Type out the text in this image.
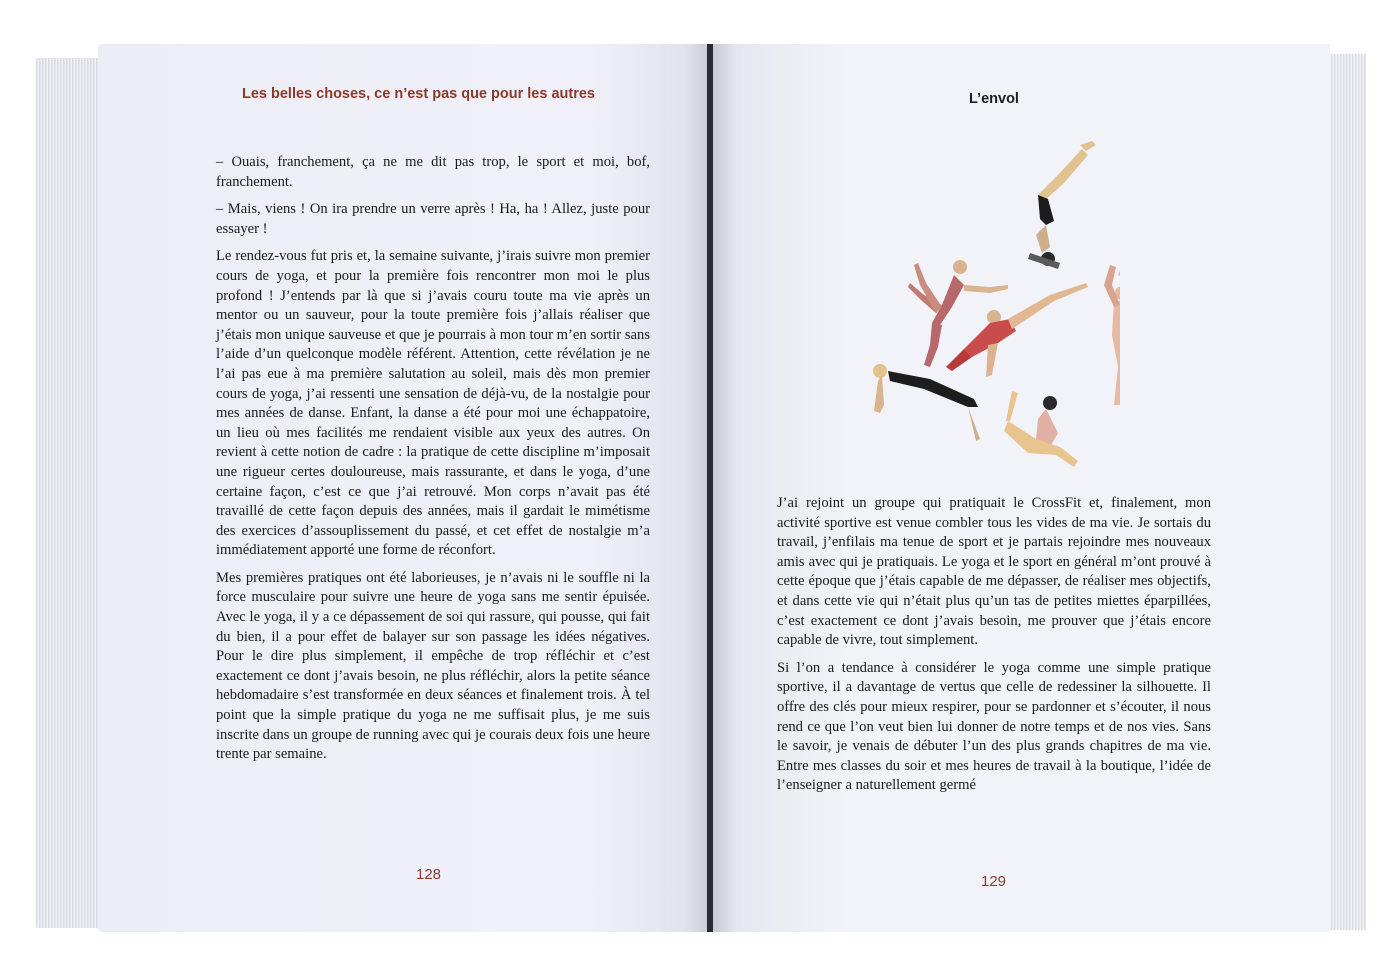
Les belles choses, ce n’est pas que pour les autres

– Ouais, franchement, ça ne me dit pas trop, le sport et moi, bof, franchement.

– Mais, viens ! On ira prendre un verre après ! Ha, ha ! Allez, juste pour essayer !

Le rendez-vous fut pris et, la semaine suivante, j’irais suivre mon premier cours de yoga, et pour la première fois rencontrer mon moi le plus profond ! J’entends par là que si j’avais couru toute ma vie après un mentor ou un sauveur, pour la toute première fois j’allais réaliser que j’étais mon unique sauveuse et que je pourrais à mon tour m’en sortir sans l’aide d’un quelconque modèle référent. Attention, cette révélation je ne l’ai pas eue à ma première salutation au soleil, mais dès mon premier cours de yoga, j’ai ressenti une sensation de déjà-vu, de la nostalgie pour mes années de danse. Enfant, la danse a été pour moi une échappatoire, un lieu où mes facilités me rendaient visible aux yeux des autres. On revient à cette notion de cadre : la pratique de cette discipline m’imposait une rigueur certes douloureuse, mais rassurante, et dans le yoga, d’une certaine façon, c’est ce que j’ai retrouvé. Mon corps n’avait pas été travaillé de cette façon depuis des années, mais il gardait le mimétisme des exercices d’assouplissement du passé, et cet effet de nostalgie m’a immédiatement apporté une forme de réconfort.

Mes premières pratiques ont été laborieuses, je n’avais ni le souffle ni la force musculaire pour suivre une heure de yoga sans me sentir épuisée. Avec le yoga, il y a ce dépassement de soi qui rassure, qui pousse, qui fait du bien, il a pour effet de balayer sur son passage les idées négatives. Pour le dire plus simplement, il empêche de trop réfléchir et c’est exactement ce dont j’avais besoin, ne plus réfléchir, alors la petite séance hebdomadaire s’est transformée en deux séances et finalement trois. À tel point que la simple pratique du yoga ne me suffisait plus, je me suis inscrite dans un groupe de running avec qui je courais deux fois une heure trente par semaine.

128
L’envol

J’ai rejoint un groupe qui pratiquait le CrossFit et, finalement, mon activité sportive est venue combler tous les vides de ma vie. Je sortais du travail, j’enfilais ma tenue de sport et je partais rejoindre mes nouveaux amis avec qui je pratiquais. Le yoga et le sport en général m’ont prouvé à cette époque que j’étais capable de me dépasser, de réaliser mes objectifs, et dans cette vie qui n’était plus qu’un tas de petites miettes éparpillées, c’est exactement ce dont j’avais besoin, me prouver que j’étais encore capable de vivre, tout simplement.

Si l’on a tendance à considérer le yoga comme une simple pratique sportive, il a davantage de vertus que celle de redessiner la silhouette. Il offre des clés pour mieux respirer, pour se pardonner et s’écouter, il nous rend ce que l’on veut bien lui donner de notre temps et de nos vies. Sans le savoir, je venais de débuter l’un des plus grands chapitres de ma vie. Entre mes classes du soir et mes heures de travail à la boutique, l’idée de l’enseigner a naturellement germé

129
